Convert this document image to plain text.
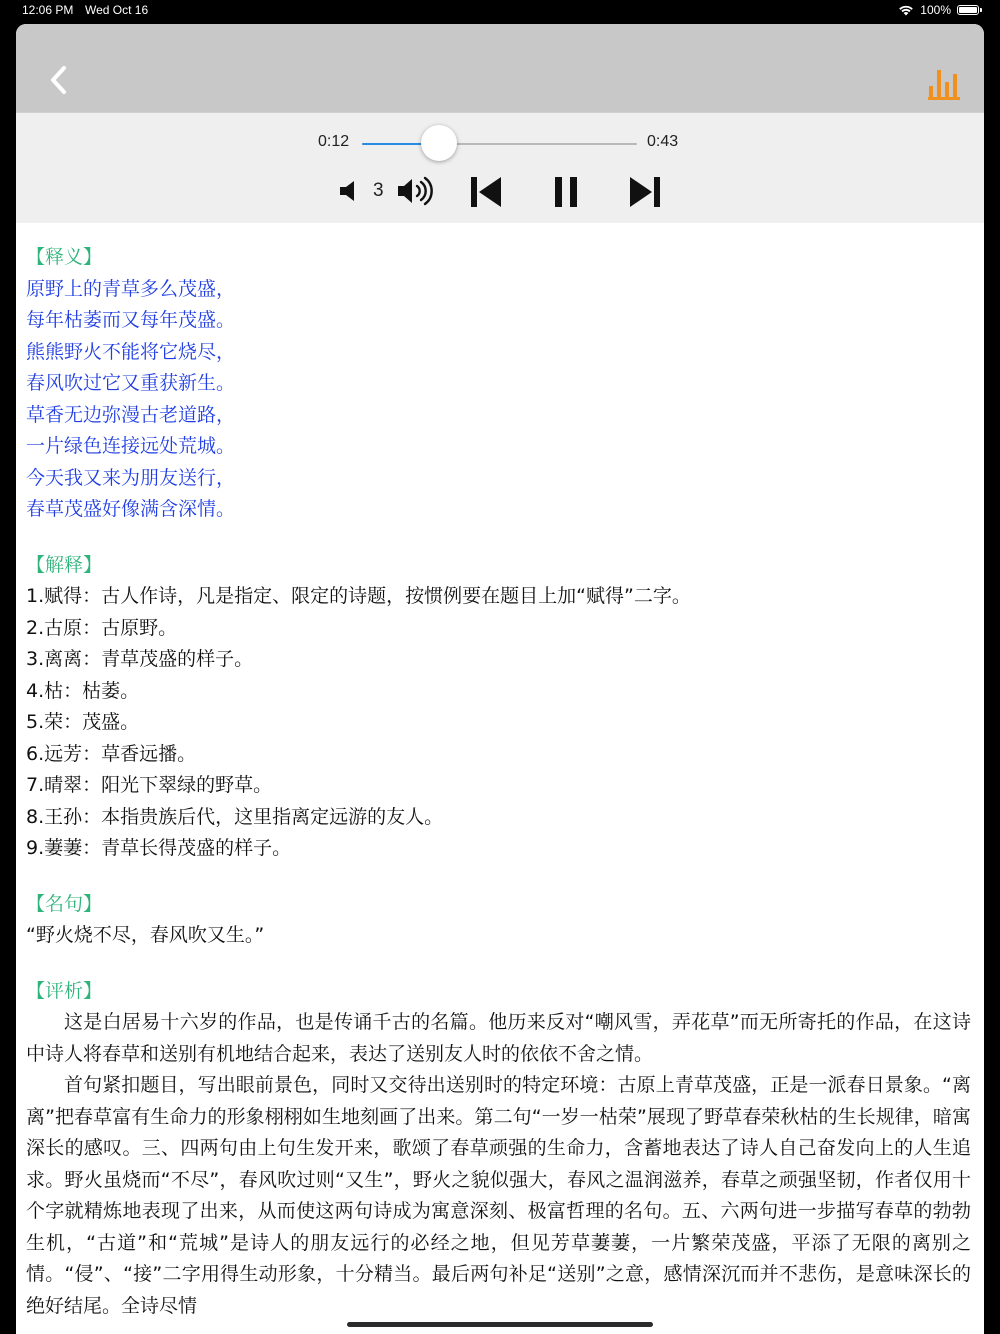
12:06 PM Wed Oct 16	100%
0:12	0:43
3

【释义】

原野上的青草多么茂盛，

每年枯萎而又每年茂盛。

熊熊野火不能将它烧尽，

春风吹过它又重获新生。

草香无边弥漫古老道路，

一片绿色连接远处荒城。

今天我又来为朋友送行，

春草茂盛好像满含深情。

【解释】

1.赋得：古人作诗，凡是指定、限定的诗题，按惯例要在题目上加“赋得”二字。

2.古原：古原野。

3.离离：青草茂盛的样子。

4.枯：枯萎。

5.荣：茂盛。

6.远芳：草香远播。

7.晴翠：阳光下翠绿的野草。

8.王孙：本指贵族后代，这里指离定远游的友人。

9.萋萋：青草长得茂盛的样子。

【名句】

“野火烧不尽，春风吹又生。”

【评析】

这是白居易十六岁的作品，也是传诵千古的名篇。他历来反对“嘲风雪，弄花草”而无所寄托的作品，在这诗中诗人将春草和送别有机地结合起来，表达了送别友人时的依依不舍之情。

首句紧扣题目，写出眼前景色，同时又交待出送别时的特定环境：古原上青草茂盛，正是一派春日景象。“离离”把春草富有生命力的形象栩栩如生地刻画了出来。第二句“一岁一枯荣”展现了野草春荣秋枯的生长规律，暗寓深长的感叹。三、四两句由上句生发开来，歌颂了春草顽强的生命力，含蓄地表达了诗人自己奋发向上的人生追求。野火虽烧而“不尽”，春风吹过则“又生”，野火之貌似强大，春风之温润滋养，春草之顽强坚韧，作者仅用十个字就精炼地表现了出来，从而使这两句诗成为寓意深刻、极富哲理的名句。五、六两句进一步描写春草的勃勃生机，“古道”和“荒城”是诗人的朋友远行的必经之地，但见芳草萋萋，一片繁荣茂盛，平添了无限的离别之情。“侵”、“接”二字用得生动形象，十分精当。最后两句补足“送别”之意，感情深沉而并不悲伤，是意味深长的绝好结尾。全诗尽情
